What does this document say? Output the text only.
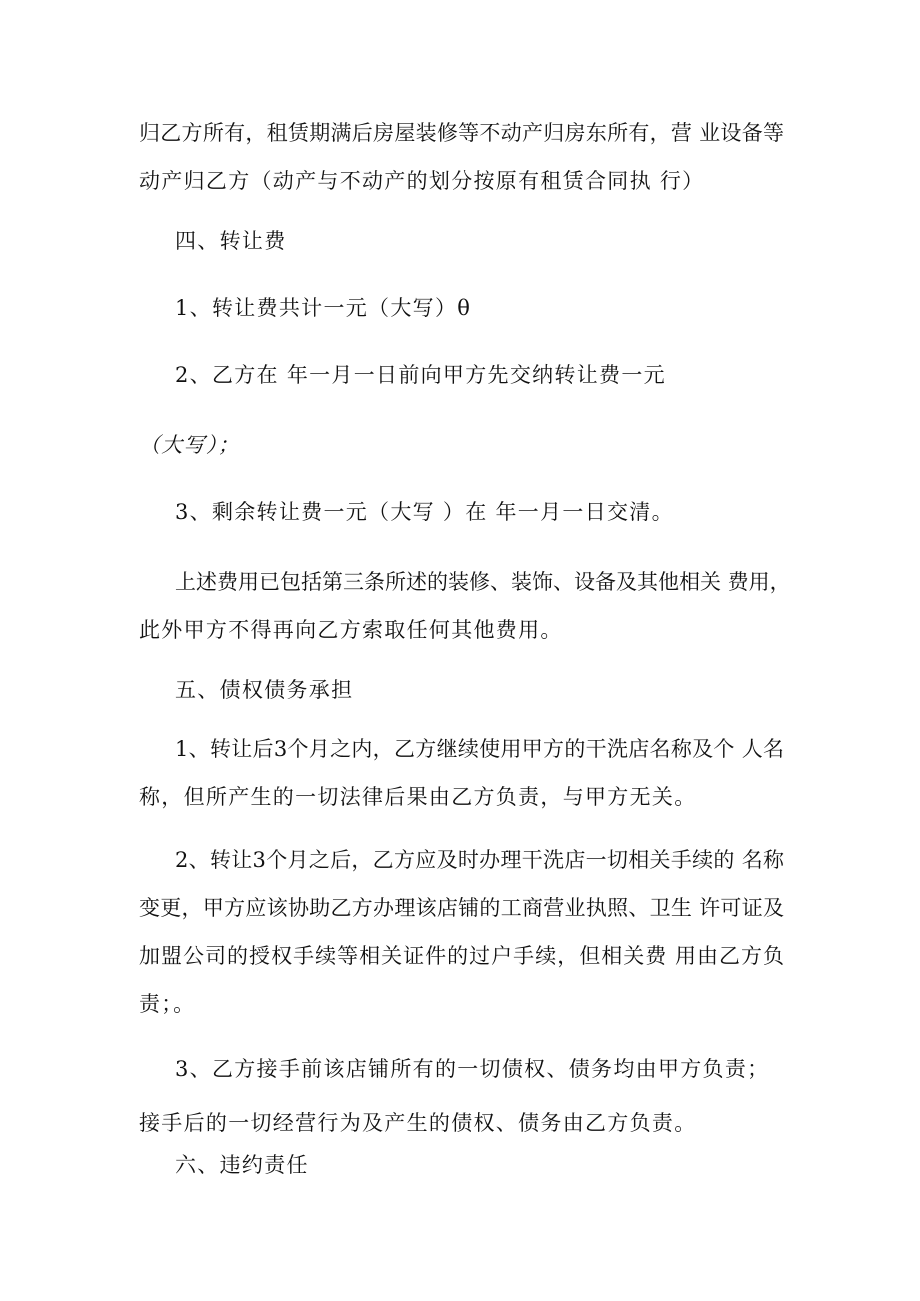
归乙方所有，租赁期满后房屋装修等不动产归房东所有，营 业设备等

动产归乙方（动产与不动产的划分按原有租赁合同执 行）

四、转让费

1、转让费共计一元（大写）θ

2、乙方在 年一月一日前向甲方先交纳转让费一元

（大写）；

3、剩余转让费一元（大写 ）在 年一月一日交清。

上述费用已包括第三条所述的装修、装饰、设备及其他相关 费用，

此外甲方不得再向乙方索取任何其他费用。

五、债权债务承担

1、转让后3个月之内，乙方继续使用甲方的干洗店名称及个 人名

称，但所产生的一切法律后果由乙方负责，与甲方无关。

2、转让3个月之后，乙方应及时办理干洗店一切相关手续的 名称

变更，甲方应该协助乙方办理该店铺的工商营业执照、卫生 许可证及

加盟公司的授权手续等相关证件的过户手续，但相关费 用由乙方负

责；。

3、乙方接手前该店铺所有的一切债权、债务均由甲方负责；

接手后的一切经营行为及产生的债权、债务由乙方负责。

六、违约责任
